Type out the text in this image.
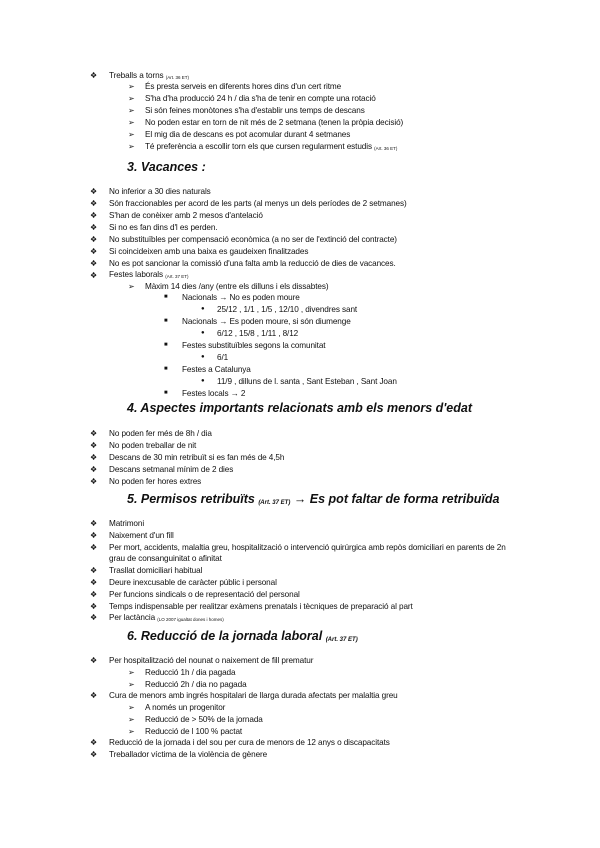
❖ Treballs a torns $_{(Art. 36 ET)}$
➢ És presta serveis en diferents hores dins d'un cert ritme
➢ S'ha d'ha producció 24 h / dia s'ha de tenir en compte una rotació
➢ Si són feines monòtones s'ha d'establir uns temps de descans
➢ No poden estar en torn de nit més de 2 setmana (tenen la pròpia decisió)
➢ El mig dia de descans es pot acomular durant 4 setmanes
➢ Té preferència a escollir torn els que cursen regularment estudis $_{(Art. 36 ET)}$
3. Vacances :
❖ No inferior a 30 dies naturals
❖ Són fraccionables per acord de les parts (al menys un dels períodes de 2 setmanes)
❖ S'han de conèixer amb 2 mesos d'antelació
❖ Si no es fan dins d'l es perden.
❖ No substituïbles per compensació econòmica (a no ser de l'extinció del contracte)
❖ Si coincideixen amb una baixa es gaudeixen finalitzades
❖ No es pot sancionar la comissió d'una falta amb la reducció de dies de vacances.
❖ Festes laborals $_{(Art. 37 ET)}$
➢ Màxim 14 dies /any (entre els dilluns i els dissabtes)
■ Nacionals → No es poden moure
● 25/12 , 1/1 , 1/5 , 12/10 , divendres sant
■ Nacionals → Es poden moure, si són diumenge
● 6/12 , 15/8 , 1/11 , 8/12
■ Festes substituïbles segons la comunitat
● 6/1
■ Festes a Catalunya
● 11/9 , dilluns de l. santa , Sant Esteban , Sant Joan
■ Festes locals → 2
4. Aspectes importants relacionats amb els menors d'edat
❖ No poden fer més de 8h / dia
❖ No poden treballar de nit
❖ Descans de 30 min retribuït si es fan més de 4,5h
❖ Descans setmanal mínim de 2 dies
❖ No poden fer hores extres
5. Permisos retribuïts (Art. 37 ET) → Es pot faltar de forma retribuïda
❖ Matrimoni
❖ Naixement d'un fill
❖ Per mort, accidents, malaltia greu, hospitalització o intervenció quirúrgica amb repòs domiciliari en parents de 2n
grau de consanguinitat o afinitat
❖ Trasllat domiciliari habitual
❖ Deure inexcusable de caràcter públic i personal
❖ Per funcions sindicals o de representació del personal
❖ Temps indispensable per realitzar exàmens prenatals i tècniques de preparació al part
❖ Per lactància $_{(LO 2007 igualtat dones i homes)}$
6. Reducció de la jornada laboral (Art. 37 ET)
❖ Per hospitalització del nounat o naixement de fill prematur
➢ Reducció 1h / dia pagada
➢ Reducció 2h / dia no pagada
❖ Cura de menors amb ingrés hospitalari de llarga durada afectats per malaltia greu
➢ A només un progenitor
➢ Reducció de > 50% de la jornada
➢ Reducció de l 100 % pactat
❖ Reducció de la jornada i del sou per cura de menors de 12 anys o discapacitats
❖ Treballador víctima de la violència de gènere
